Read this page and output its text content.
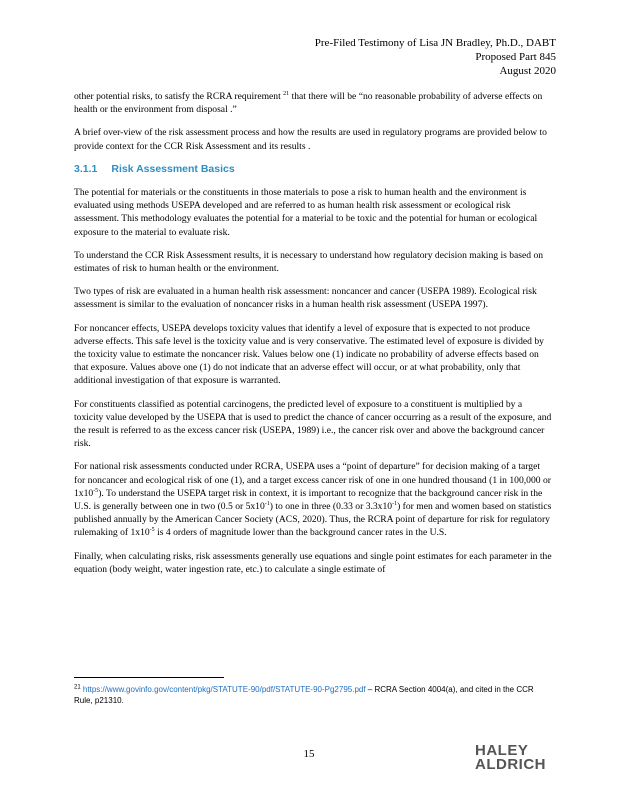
Pre-Filed Testimony of Lisa JN Bradley, Ph.D., DABT
Proposed Part 845
August 2020

other potential risks, to satisfy the RCRA requirement $^{21}$ that there will be “no reasonable probability of adverse effects on health or the environment from disposal .”

A brief over-view of the risk assessment process and how the results are used in regulatory programs are provided below to provide context for the CCR Risk Assessment and its results .

3.1.1 Risk Assessment Basics

The potential for materials or the constituents in those materials to pose a risk to human health and the environment is evaluated using methods USEPA developed and are referred to as human health risk assessment or ecological risk assessment. This methodology evaluates the potential for a material to be toxic and the potential for human or ecological exposure to the material to evaluate risk.

To understand the CCR Risk Assessment results, it is necessary to understand how regulatory decision making is based on estimates of risk to human health or the environment.

Two types of risk are evaluated in a human health risk assessment: noncancer and cancer (USEPA 1989). Ecological risk assessment is similar to the evaluation of noncancer risks in a human health risk assessment (USEPA 1997).

For noncancer effects, USEPA develops toxicity values that identify a level of exposure that is expected to not produce adverse effects. This safe level is the toxicity value and is very conservative. The estimated level of exposure is divided by the toxicity value to estimate the noncancer risk. Values below one (1) indicate no probability of adverse effects based on that exposure. Values above one (1) do not indicate that an adverse effect will occur, or at what probability, only that additional investigation of that exposure is warranted.

For constituents classified as potential carcinogens, the predicted level of exposure to a constituent is multiplied by a toxicity value developed by the USEPA that is used to predict the chance of cancer occurring as a result of the exposure, and the result is referred to as the excess cancer risk (USEPA, 1989) i.e., the cancer risk over and above the background cancer risk.

For national risk assessments conducted under RCRA, USEPA uses a “point of departure” for decision making of a target for noncancer and ecological risk of one (1), and a target excess cancer risk of one in one hundred thousand (1 in 100,000 or $1x10^{-5}$). To understand the USEPA target risk in context, it is important to recognize that the background cancer risk in the U.S. is generally between one in two (0.5 or $5x10^{-1}$) to one in three (0.33 or $3.3x10^{-1}$) for men and women based on statistics published annually by the American Cancer Society (ACS, 2020). Thus, the RCRA point of departure for risk for regulatory rulemaking of $1x10^{-5}$ is 4 orders of magnitude lower than the background cancer rates in the U.S.

Finally, when calculating risks, risk assessments generally use equations and single point estimates for each parameter in the equation (body weight, water ingestion rate, etc.) to calculate a single estimate of

$^{21}$ https://www.govinfo.gov/content/pkg/STATUTE-90/pdf/STATUTE-90-Pg2795.pdf – RCRA Section 4004(a), and cited in the CCR Rule, p21310.
15	HALEY
ALDRICH
